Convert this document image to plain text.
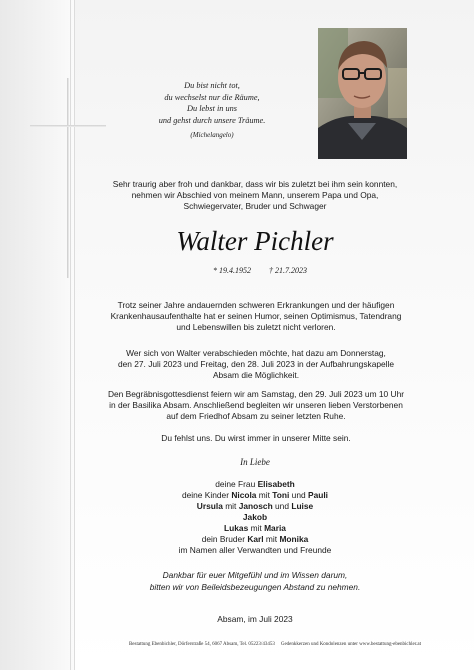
Du bist nicht tot,
du wechselst nur die Räume,
Du lebst in uns
und gehst durch unsere Träume.
(Michelangelo)
Sehr traurig aber froh und dankbar, dass wir bis zuletzt bei ihm sein konnten,
nehmen wir Abschied von meinem Mann, unserem Papa und Opa,
Schwiegervater, Bruder und Schwager
Walter Pichler
* 19.4.1952 † 21.7.2023
Trotz seiner Jahre andauernden schweren Erkrankungen und der häufigen
Krankenhausaufenthalte hat er seinen Humor, seinen Optimismus, Tatendrang
und Lebenswillen bis zuletzt nicht verloren.
Wer sich von Walter verabschieden möchte, hat dazu am Donnerstag,
den 27. Juli 2023 und Freitag, den 28. Juli 2023 in der Aufbahrungskapelle
Absam die Möglichkeit.
Den Begräbnisgottesdienst feiern wir am Samstag, den 29. Juli 2023 um 10 Uhr
in der Basilika Absam. Anschließend begleiten wir unseren lieben Verstorbenen
auf dem Friedhof Absam zu seiner letzten Ruhe.
Du fehlst uns. Du wirst immer in unserer Mitte sein.
In Liebe
deine Frau Elisabeth
deine Kinder Nicola mit Toni und Pauli
Ursula mit Janosch und Luise
Jakob
Lukas mit Maria
dein Bruder Karl mit Monika
im Namen aller Verwandten und Freunde
Dankbar für euer Mitgefühl und im Wissen darum,
bitten wir von Beileidsbezeugungen Abstand zu nehmen.
Absam, im Juli 2023
Bestattung Ebenbichler, Dörferstraße 54, 6067 Absam, Tel. 05223/43453 Gedenkkerzen und Kondolenzen unter www.bestattung-ebenbichler.at
